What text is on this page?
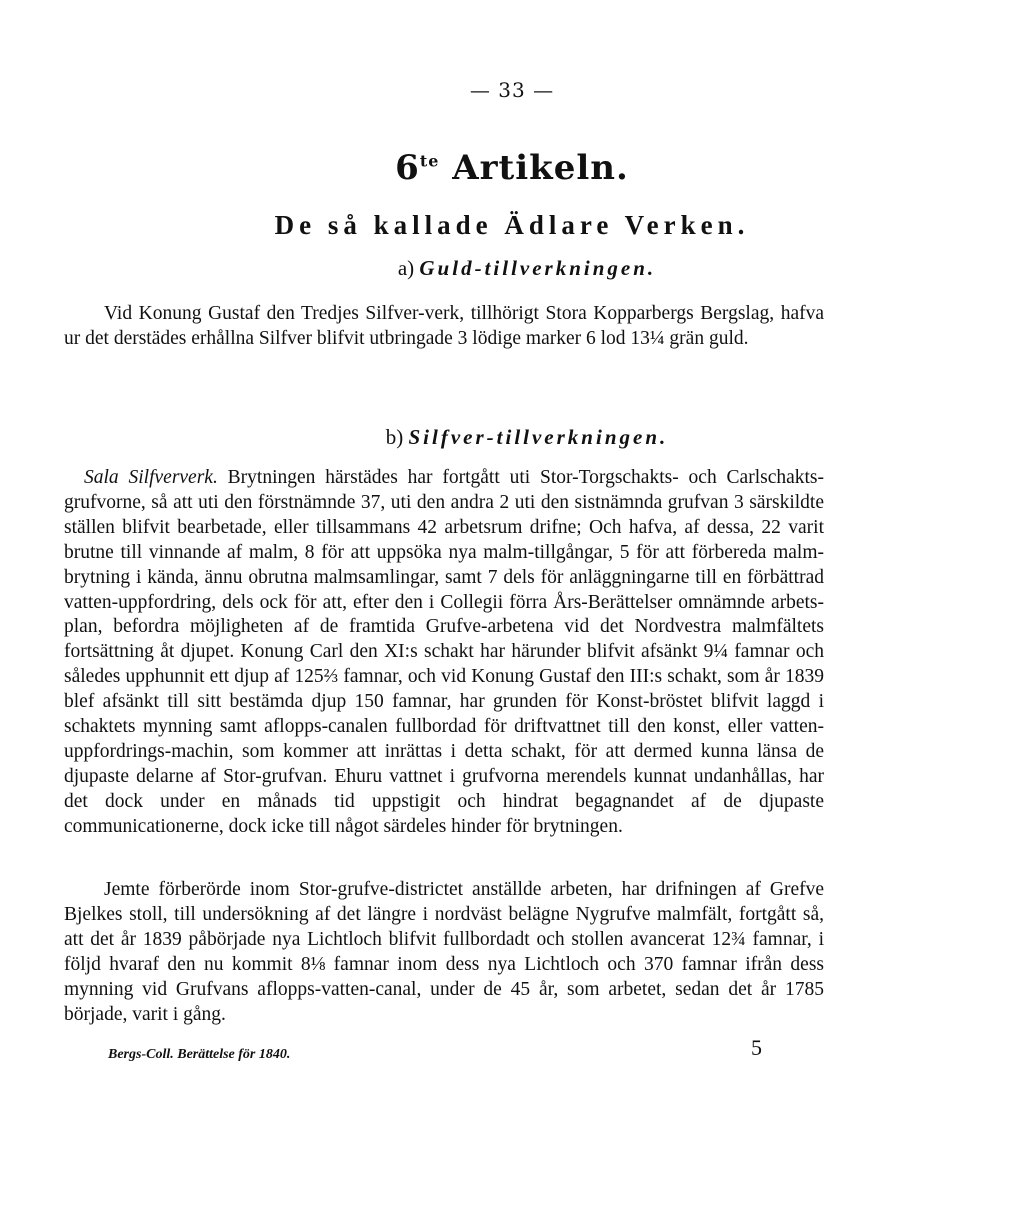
— 33 —
$6^{te}$ Artikeln.
De så kallade Ädlare Verken.
a) Guld-tillverkningen.

Vid Konung Gustaf den Tredjes Silfver-verk, tillhörigt Stora Kopparbergs Bergslag, hafva ur det derstädes erhållna Silfver blifvit utbringade 3 lödige marker 6 lod 13¼ grän guld.

b) Silfver-tillverkningen.

Sala Silfververk. Brytningen härstädes har fortgått uti Stor-Torgschakts- och Carlschakts-grufvorne, så att uti den förstnämnde 37, uti den andra 2 uti den sistnämnda grufvan 3 särskildte ställen blifvit bearbetade, eller tillsammans 42 arbetsrum drifne; Och hafva, af dessa, 22 varit brutne till vinnande af malm, 8 för att uppsöka nya malm-tillgångar, 5 för att förbereda malm-brytning i kända, ännu obrutna malmsamlingar, samt 7 dels för anläggningarne till en förbättrad vatten-uppfordring, dels ock för att, efter den i Collegii förra Års-Berättelser omnämnde arbets-plan, befordra möjligheten af de framtida Grufve-arbetena vid det Nordvestra malmfältets fortsättning åt djupet. Konung Carl den XI:s schakt har härunder blifvit afsänkt 9¼ famnar och således upphunnit ett djup af 125⅔ famnar, och vid Konung Gustaf den III:s schakt, som år 1839 blef afsänkt till sitt bestämda djup 150 famnar, har grunden för Konst-bröstet blifvit laggd i schaktets mynning samt aflopps-canalen fullbordad för driftvattnet till den konst, eller vatten-uppfordrings-machin, som kommer att inrättas i detta schakt, för att dermed kunna länsa de djupaste delarne af Stor-grufvan. Ehuru vattnet i grufvorna merendels kunnat undanhållas, har det dock under en månads tid uppstigit och hindrat begagnandet af de djupaste communicationerne, dock icke till något särdeles hinder för brytningen.

Jemte förberörde inom Stor-grufve-districtet anställde arbeten, har drifningen af Grefve Bjelkes stoll, till undersökning af det längre i nordväst belägne Nygrufve malmfält, fortgått så, att det år 1839 påbörjade nya Lichtloch blifvit fullbordadt och stollen avancerat 12¾ famnar, i följd hvaraf den nu kommit 8⅛ famnar inom dess nya Lichtloch och 370 famnar ifrån dess mynning vid Grufvans aflopps-vatten-canal, under de 45 år, som arbetet, sedan det år 1785 började, varit i gång.

Bergs-Coll. Berättelse för 1840.	5
